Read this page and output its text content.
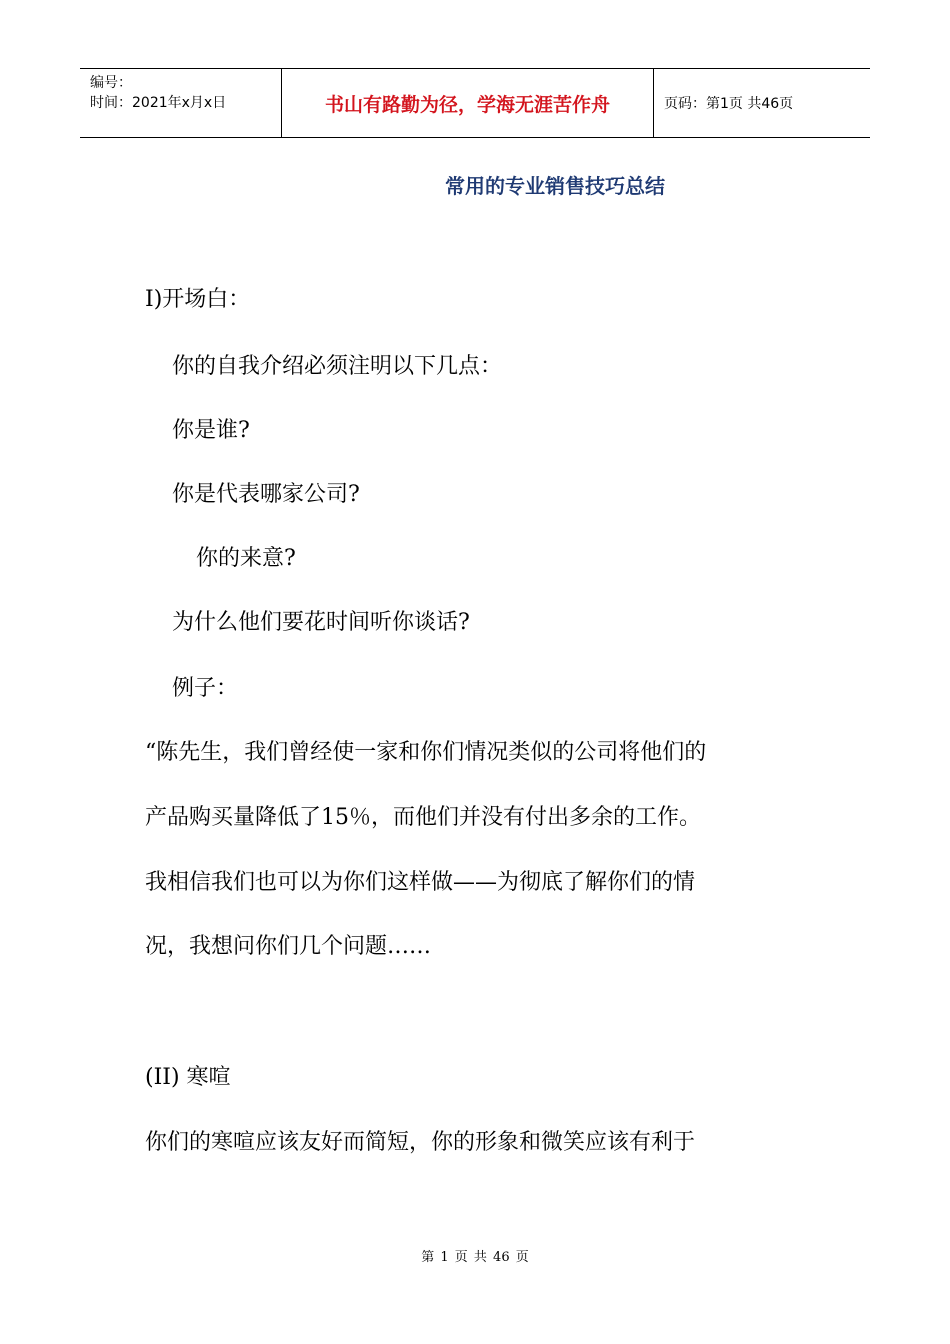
编号：
时间：2021年x月x日	书山有路勤为径，学海无涯苦作舟	页码：第1页 共46页
常用的专业销售技巧总结
I)开场白：
你的自我介绍必须注明以下几点：
你是谁?
你是代表哪家公司?
你的来意?
为什么他们要花时间听你谈话?
例子：
“陈先生，我们曾经使一家和你们情况类似的公司将他们的
产品购买量降低了15％，而他们并没有付出多余的工作。
我相信我们也可以为你们这样做——为彻底了解你们的情
况，我想问你们几个问题……
(II) 寒喧
你们的寒喧应该友好而简短，你的形象和微笑应该有利于
第 1 页 共 46 页
